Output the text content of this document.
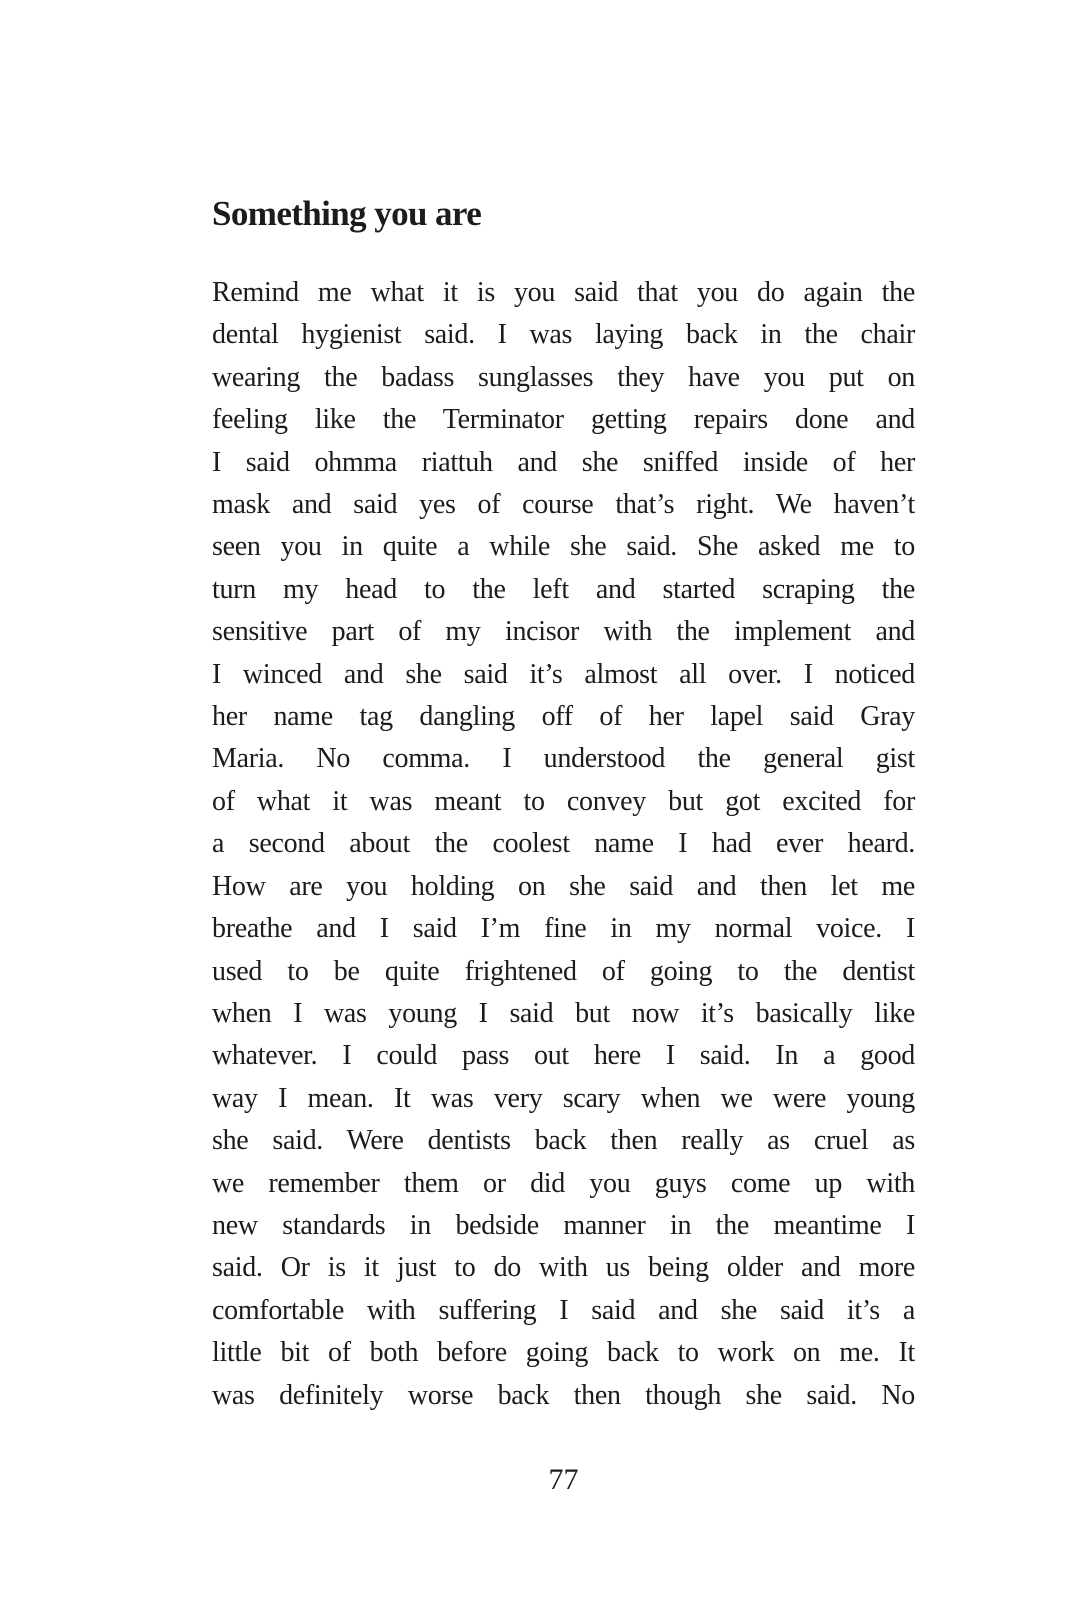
Something you are
Remind me what it is you said that you do again the
dental hygienist said. I was laying back in the chair
wearing the badass sunglasses they have you put on
feeling like the Terminator getting repairs done and
I said ohmma riattuh and she sniffed inside of her
mask and said yes of course that’s right. We haven’t
seen you in quite a while she said. She asked me to
turn my head to the left and started scraping the
sensitive part of my incisor with the implement and
I winced and she said it’s almost all over. I noticed
her name tag dangling off of her lapel said Gray
Maria. No comma. I understood the general gist
of what it was meant to convey but got excited for
a second about the coolest name I had ever heard.
How are you holding on she said and then let me
breathe and I said I’m fine in my normal voice. I
used to be quite frightened of going to the dentist
when I was young I said but now it’s basically like
whatever. I could pass out here I said. In a good
way I mean. It was very scary when we were young
she said. Were dentists back then really as cruel as
we remember them or did you guys come up with
new standards in bedside manner in the meantime I
said. Or is it just to do with us being older and more
comfortable with suffering I said and she said it’s a
little bit of both before going back to work on me. It
was definitely worse back then though she said. No
77
